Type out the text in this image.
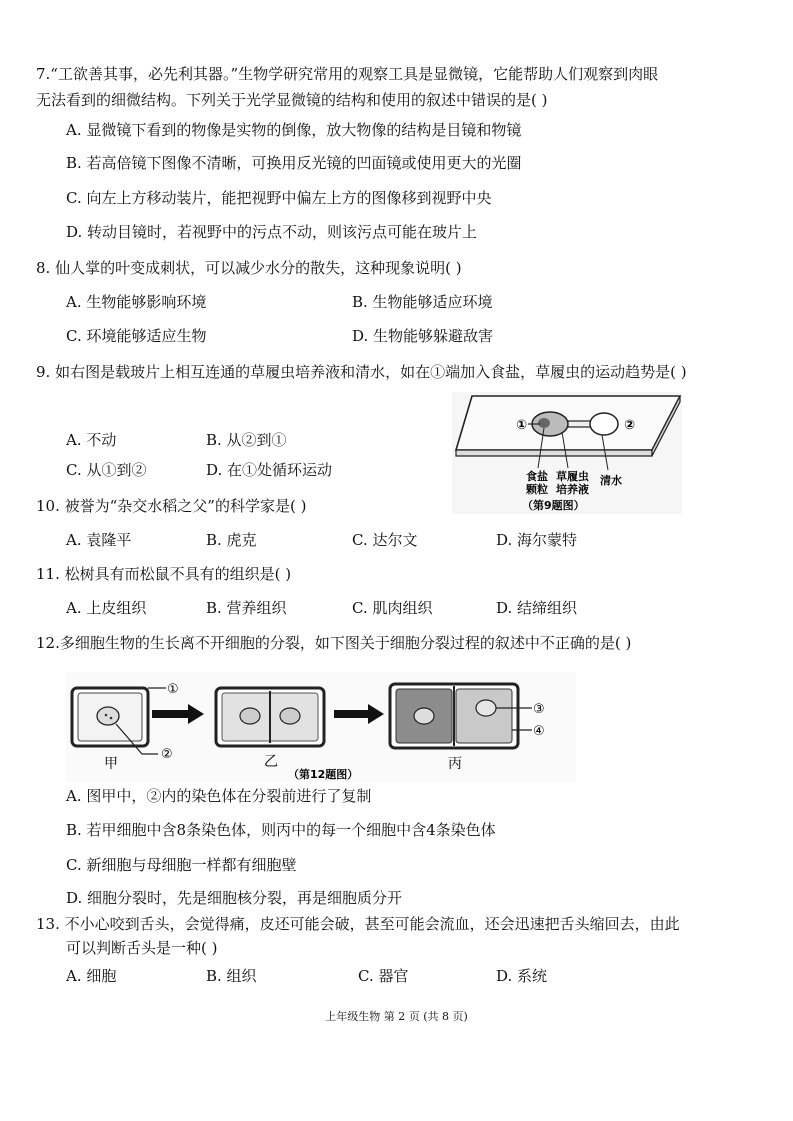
7.“工欲善其事，必先利其器。”生物学研究常用的观察工具是显微镜，它能帮助人们观察到肉眼
无法看到的细微结构。下列关于光学显微镜的结构和使用的叙述中错误的是( )
A. 显微镜下看到的物像是实物的倒像，放大物像的结构是目镜和物镜
B. 若高倍镜下图像不清晰，可换用反光镜的凹面镜或使用更大的光圈
C. 向左上方移动装片，能把视野中偏左上方的图像移到视野中央
D. 转动目镜时，若视野中的污点不动，则该污点可能在玻片上
8. 仙人掌的叶变成刺状，可以减少水分的散失，这种现象说明( )
A. 生物能够影响环境	B. 生物能够适应环境
C. 环境能够适应生物	D. 生物能够躲避敌害
9. 如右图是载玻片上相互连通的草履虫培养液和清水，如在①端加入食盐，草履虫的运动趋势是( )
A. 不动	B. 从②到①
C. 从①到②	D. 在①处循环运动
①	②
食盐
颗粒
草履虫
培养液
清水
（第9题图）
10. 被誉为“杂交水稻之父”的科学家是( )
A. 袁隆平	B. 虎克	C. 达尔文	D. 海尔蒙特
11. 松树具有而松鼠不具有的组织是( )
A. 上皮组织	B. 营养组织	C. 肌肉组织	D. 结缔组织
12.多细胞生物的生长离不开细胞的分裂，如下图关于细胞分裂过程的叙述中不正确的是( )
①
②
③
④
甲	乙	丙
（第12题图）
A. 图甲中，②内的染色体在分裂前进行了复制
B. 若甲细胞中含8条染色体，则丙中的每一个细胞中含4条染色体
C. 新细胞与母细胞一样都有细胞壁
D. 细胞分裂时，先是细胞核分裂，再是细胞质分开
13. 不小心咬到舌头，会觉得痛，皮还可能会破，甚至可能会流血，还会迅速把舌头缩回去，由此
可以判断舌头是一种( )
A. 细胞	B. 组织	C. 器官	D. 系统
上年级生物 第 2 页 (共 8 页)
